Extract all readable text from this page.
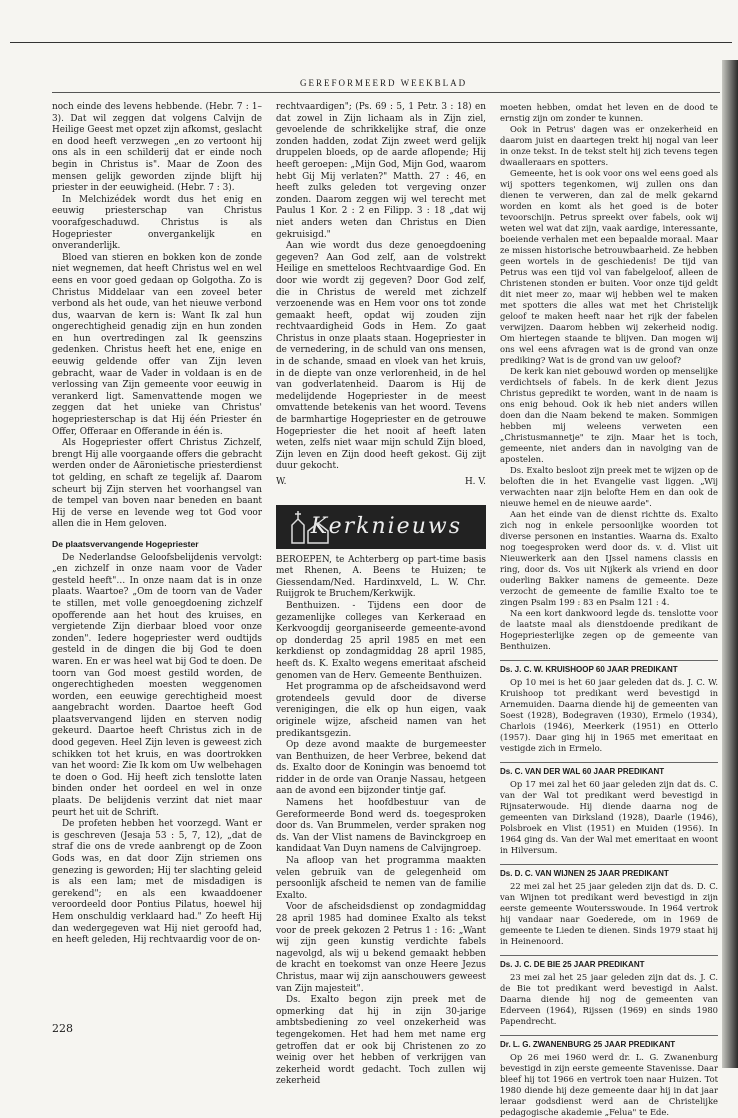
GEREFORMEERD WEEKBLAD

noch einde des levens hebbende. (Hebr. 7 : 1–3). Dat wil zeggen dat volgens Calvijn de Heilige Geest met opzet zijn afkomst, geslacht en dood heeft verzwegen „en zo vertoont hij ons als in een schilderij dat er einde noch begin in Christus is". Maar de Zoon des mensen gelijk geworden zijnde blijft hij priester in der eeuwigheid. (Hebr. 7 : 3).

In Melchizédek wordt dus het enig en eeuwig priesterschap van Christus voorafgeschaduwd. Christus is als Hogepriester onvergankelijk en onveranderlijk.

Bloed van stieren en bokken kon de zonde niet wegnemen, dat heeft Christus wel en wel eens en voor goed gedaan op Golgotha. Zo is Christus Middelaar van een zoveel beter verbond als het oude, van het nieuwe verbond dus, waarvan de kern is: Want Ik zal hun ongerechtigheid genadig zijn en hun zonden en hun overtredingen zal Ik geenszins gedenken. Christus heeft het ene, enige en eeuwig geldende offer van Zijn leven gebracht, waar de Vader in voldaan is en de verlossing van Zijn gemeente voor eeuwig in verankerd ligt. Samenvattende mogen we zeggen dat het unieke van Christus' hogepriesterschap is dat Hij één Priester én Offer, Offeraar en Offerande in één is.

Als Hogepriester offert Christus Zichzelf, brengt Hij alle voorgaande offers die gebracht werden onder de Aäronietische priesterdienst tot gelding, en schaft ze tegelijk af. Daarom scheurt bij Zijn sterven het voorhangsel van de tempel van boven naar beneden en baant Hij de verse en levende weg tot God voor allen die in Hem geloven.

De plaatsvervangende Hogepriester

De Nederlandse Geloofsbelijdenis vervolgt: „en zichzelf in onze naam voor de Vader gesteld heeft"… In onze naam dat is in onze plaats. Waartoe? „Om de toorn van de Vader te stillen, met volle genoegdoening zichzelf opofferende aan het hout des kruises, en vergietende Zijn dierbaar bloed voor onze zonden". Iedere hogepriester werd oudtijds gesteld in de dingen die bij God te doen waren. En er was heel wat bij God te doen. De toorn van God moest gestild worden, de ongerechtigheden moesten weggenomen worden, een eeuwige gerechtigheid moest aangebracht worden. Daartoe heeft God plaatsvervangend lijden en sterven nodig gekeurd. Daartoe heeft Christus zich in de dood gegeven. Heel Zijn leven is geweest zich schikken tot het kruis, en was doortrokken van het woord: Zie Ik kom om Uw welbehagen te doen o God. Hij heeft zich tenslotte laten binden onder het oordeel en wel in onze plaats. De belijdenis verzint dat niet maar peurt het uit de Schrift.

De profeten hebben het voorzegd. Want er is geschreven (Jesaja 53 : 5, 7, 12), „dat de straf die ons de vrede aanbrengt op de Zoon Gods was, en dat door Zijn striemen ons genezing is geworden; Hij ter slachting geleid is als een lam; met de misdadigen is gerekend"; en als een kwaaddoener veroordeeld door Pontius Pilatus, hoewel hij Hem onschuldig verklaard had." Zo heeft Hij dan wedergegeven wat Hij niet geroofd had, en heeft geleden, Hij rechtvaardig voor de on-

rechtvaardigen"; (Ps. 69 : 5, 1 Petr. 3 : 18) en dat zowel in Zijn lichaam als in Zijn ziel, gevoelende de schrikkelijke straf, die onze zonden hadden, zodat Zijn zweet werd gelijk druppelen bloeds, op de aarde aflopende; Hij heeft geroepen: „Mijn God, Mijn God, waarom hebt Gij Mij verlaten?" Matth. 27 : 46, en heeft zulks geleden tot vergeving onzer zonden. Daarom zeggen wij wel terecht met Paulus 1 Kor. 2 : 2 en Filipp. 3 : 18 „dat wij niet anders weten dan Christus en Dien gekruisigd."

Aan wie wordt dus deze genoegdoening gegeven? Aan God zelf, aan de volstrekt Heilige en smetteloos Rechtvaardige God. En door wie wordt zij gegeven? Door God zelf, die in Christus de wereld met zichzelf verzoenende was en Hem voor ons tot zonde gemaakt heeft, opdat wij zouden zijn rechtvaardigheid Gods in Hem. Zo gaat Christus in onze plaats staan. Hogepriester in de vernedering, in de schuld van ons mensen, in de schande, smaad en vloek van het kruis, in de diepte van onze verlorenheid, in de hel van godverlatenheid. Daarom is Hij de medelijdende Hogepriester in de meest omvattende betekenis van het woord. Tevens de barmhartige Hogepriester en de getrouwe Hogepriester die het nooit af heeft laten weten, zelfs niet waar mijn schuld Zijn bloed, Zijn leven en Zijn dood heeft gekost. Gij zijt duur gekocht.

W.	H. V.
Kerknieuws

BEROEPEN, te Achterberg op part-time basis met Rhenen, A. Beens te Huizen; te Giessendam/Ned. Hardinxveld, L. W. Chr. Ruijgrok te Bruchem/Kerkwijk.

Benthuizen. - Tijdens een door de gezamenlijke colleges van Kerkeraad en Kerkvoogdij georganiseerde gemeente-avond op donderdag 25 april 1985 en met een kerkdienst op zondagmiddag 28 april 1985, heeft ds. K. Exalto wegens emeritaat afscheid genomen van de Herv. Gemeente Benthuizen.

Het programma op de afscheidsavond werd grotendeels gevuld door de diverse verenigingen, die elk op hun eigen, vaak originele wijze, afscheid namen van het predikantsgezin.

Op deze avond maakte de burgemeester van Benthuizen, de heer Verbree, bekend dat ds. Exalto door de Koningin was benoemd tot ridder in de orde van Oranje Nassau, hetgeen aan de avond een bijzonder tintje gaf.

Namens het hoofdbestuur van de Gereformeerde Bond werd ds. toegesproken door ds. Van Brummelen, verder spraken nog ds. Van der Vlist namens de Bavinckgroep en kandidaat Van Duyn namens de Calvijngroep.

Na afloop van het programma maakten velen gebruik van de gelegenheid om persoonlijk afscheid te nemen van de familie Exalto.

Voor de afscheidsdienst op zondagmiddag 28 april 1985 had dominee Exalto als tekst voor de preek gekozen 2 Petrus 1 : 16: „Want wij zijn geen kunstig verdichte fabels nagevolgd, als wij u bekend gemaakt hebben de kracht en toekomst van onze Heere Jezus Christus, maar wij zijn aanschouwers geweest van Zijn majesteit".

Ds. Exalto begon zijn preek met de opmerking dat hij in zijn 30-jarige ambtsbediening zo veel onzekerheid was tegengekomen. Het had hem met name erg getroffen dat er ook bij Christenen zo zo weinig over het hebben of verkrijgen van zekerheid wordt gedacht. Toch zullen wij zekerheid

moeten hebben, omdat het leven en de dood te ernstig zijn om zonder te kunnen.

Ook in Petrus' dagen was er onzekerheid en daarom juist en daartegen trekt hij nogal van leer in onze tekst. In de tekst stelt hij zich tevens tegen dwaalleraars en spotters.

Gemeente, het is ook voor ons wel eens goed als wij spotters tegenkomen, wij zullen ons dan dienen te verweren, dan zal de melk gekarnd worden en komt als het goed is de boter tevoorschijn. Petrus spreekt over fabels, ook wij weten wel wat dat zijn, vaak aardige, interessante, boeiende verhalen met een bepaalde moraal. Maar ze missen historische betrouwbaarheid. Ze hebben geen wortels in de geschiedenis! De tijd van Petrus was een tijd vol van fabelgeloof, alleen de Christenen stonden er buiten. Voor onze tijd geldt dit niet meer zo, maar wij hebben wel te maken met spotters die alles wat met het Christelijk geloof te maken heeft naar het rijk der fabelen verwijzen. Daarom hebben wij zekerheid nodig. Om hiertegen staande te blijven. Dan mogen wij ons wel eens afvragen wat is de grond van onze prediking? Wat is de grond van uw geloof?

De kerk kan niet gebouwd worden op menselijke verdichtsels of fabels. In de kerk dient Jezus Christus gepredikt te worden, want in de naam is ons enig behoud. Ook ik heb niet anders willen doen dan die Naam bekend te maken. Sommigen hebben mij weleens verweten een „Christusmannetje" te zijn. Maar het is toch, gemeente, niet anders dan in navolging van de apostelen.

Ds. Exalto besloot zijn preek met te wijzen op de beloften die in het Evangelie vast liggen. „Wij verwachten naar zijn belofte Hem en dan ook de nieuwe hemel en de nieuwe aarde".

Aan het einde van de dienst richtte ds. Exalto zich nog in enkele persoonlijke woorden tot diverse personen en instanties. Waarna ds. Exalto nog toegesproken werd door ds. v. d. Vlist uit Nieuwerkerk aan den IJssel namens classis en ring, door ds. Vos uit Nijkerk als vriend en door ouderling Bakker namens de gemeente. Deze verzocht de gemeente de familie Exalto toe te zingen Psalm 199 : 83 en Psalm 121 : 4.

Na een kort dankwoord legde ds. tenslotte voor de laatste maal als dienstdoende predikant de Hogepriesterlijke zegen op de gemeente van Benthuizen.

Ds. J. C. W. KRUISHOOP 60 JAAR PREDIKANT

Op 10 mei is het 60 jaar geleden dat ds. J. C. W. Kruishoop tot predikant werd bevestigd in Arnemuiden. Daarna diende hij de gemeenten van Soest (1928), Bodegraven (1930), Ermelo (1934), Charlois (1946), Meerkerk (1951) en Otterlo (1957). Daar ging hij in 1965 met emeritaat en vestigde zich in Ermelo.

Ds. C. VAN DER WAL 60 JAAR PREDIKANT

Op 17 mei zal het 60 jaar geleden zijn dat ds. C. van der Wal tot predikant werd bevestigd in Rijnsaterwoude. Hij diende daarna nog de gemeenten van Dirksland (1928), Daarle (1946), Polsbroek en Vlist (1951) en Muiden (1956). In 1964 ging ds. Van der Wal met emeritaat en woont in Hilversum.

Ds. D. C. VAN WIJNEN 25 JAAR PREDIKANT

22 mei zal het 25 jaar geleden zijn dat ds. D. C. van Wijnen tot predikant werd bevestigd in zijn eerste gemeente Woutersswoude. In 1964 vertrok hij vandaar naar Goederede, om in 1969 de gemeente te Lieden te dienen. Sinds 1979 staat hij in Heinenoord.

Ds. J. C. DE BIE 25 JAAR PREDIKANT

23 mei zal het 25 jaar geleden zijn dat ds. J. C. de Bie tot predikant werd bevestigd in Aalst. Daarna diende hij nog de gemeenten van Ederveen (1964), Rijssen (1969) en sinds 1980 Papendrecht.

Dr. L. G. ZWANENBURG 25 JAAR PREDIKANT

Op 26 mei 1960 werd dr. L. G. Zwanenburg bevestigd in zijn eerste gemeente Stavenisse. Daar bleef hij tot 1966 en vertrok toen naar Huizen. Tot 1980 diende hij deze gemeente daar hij in dat jaar leraar godsdienst werd aan de Christelijke pedagogische akademie „Felua" te Ede.

228
